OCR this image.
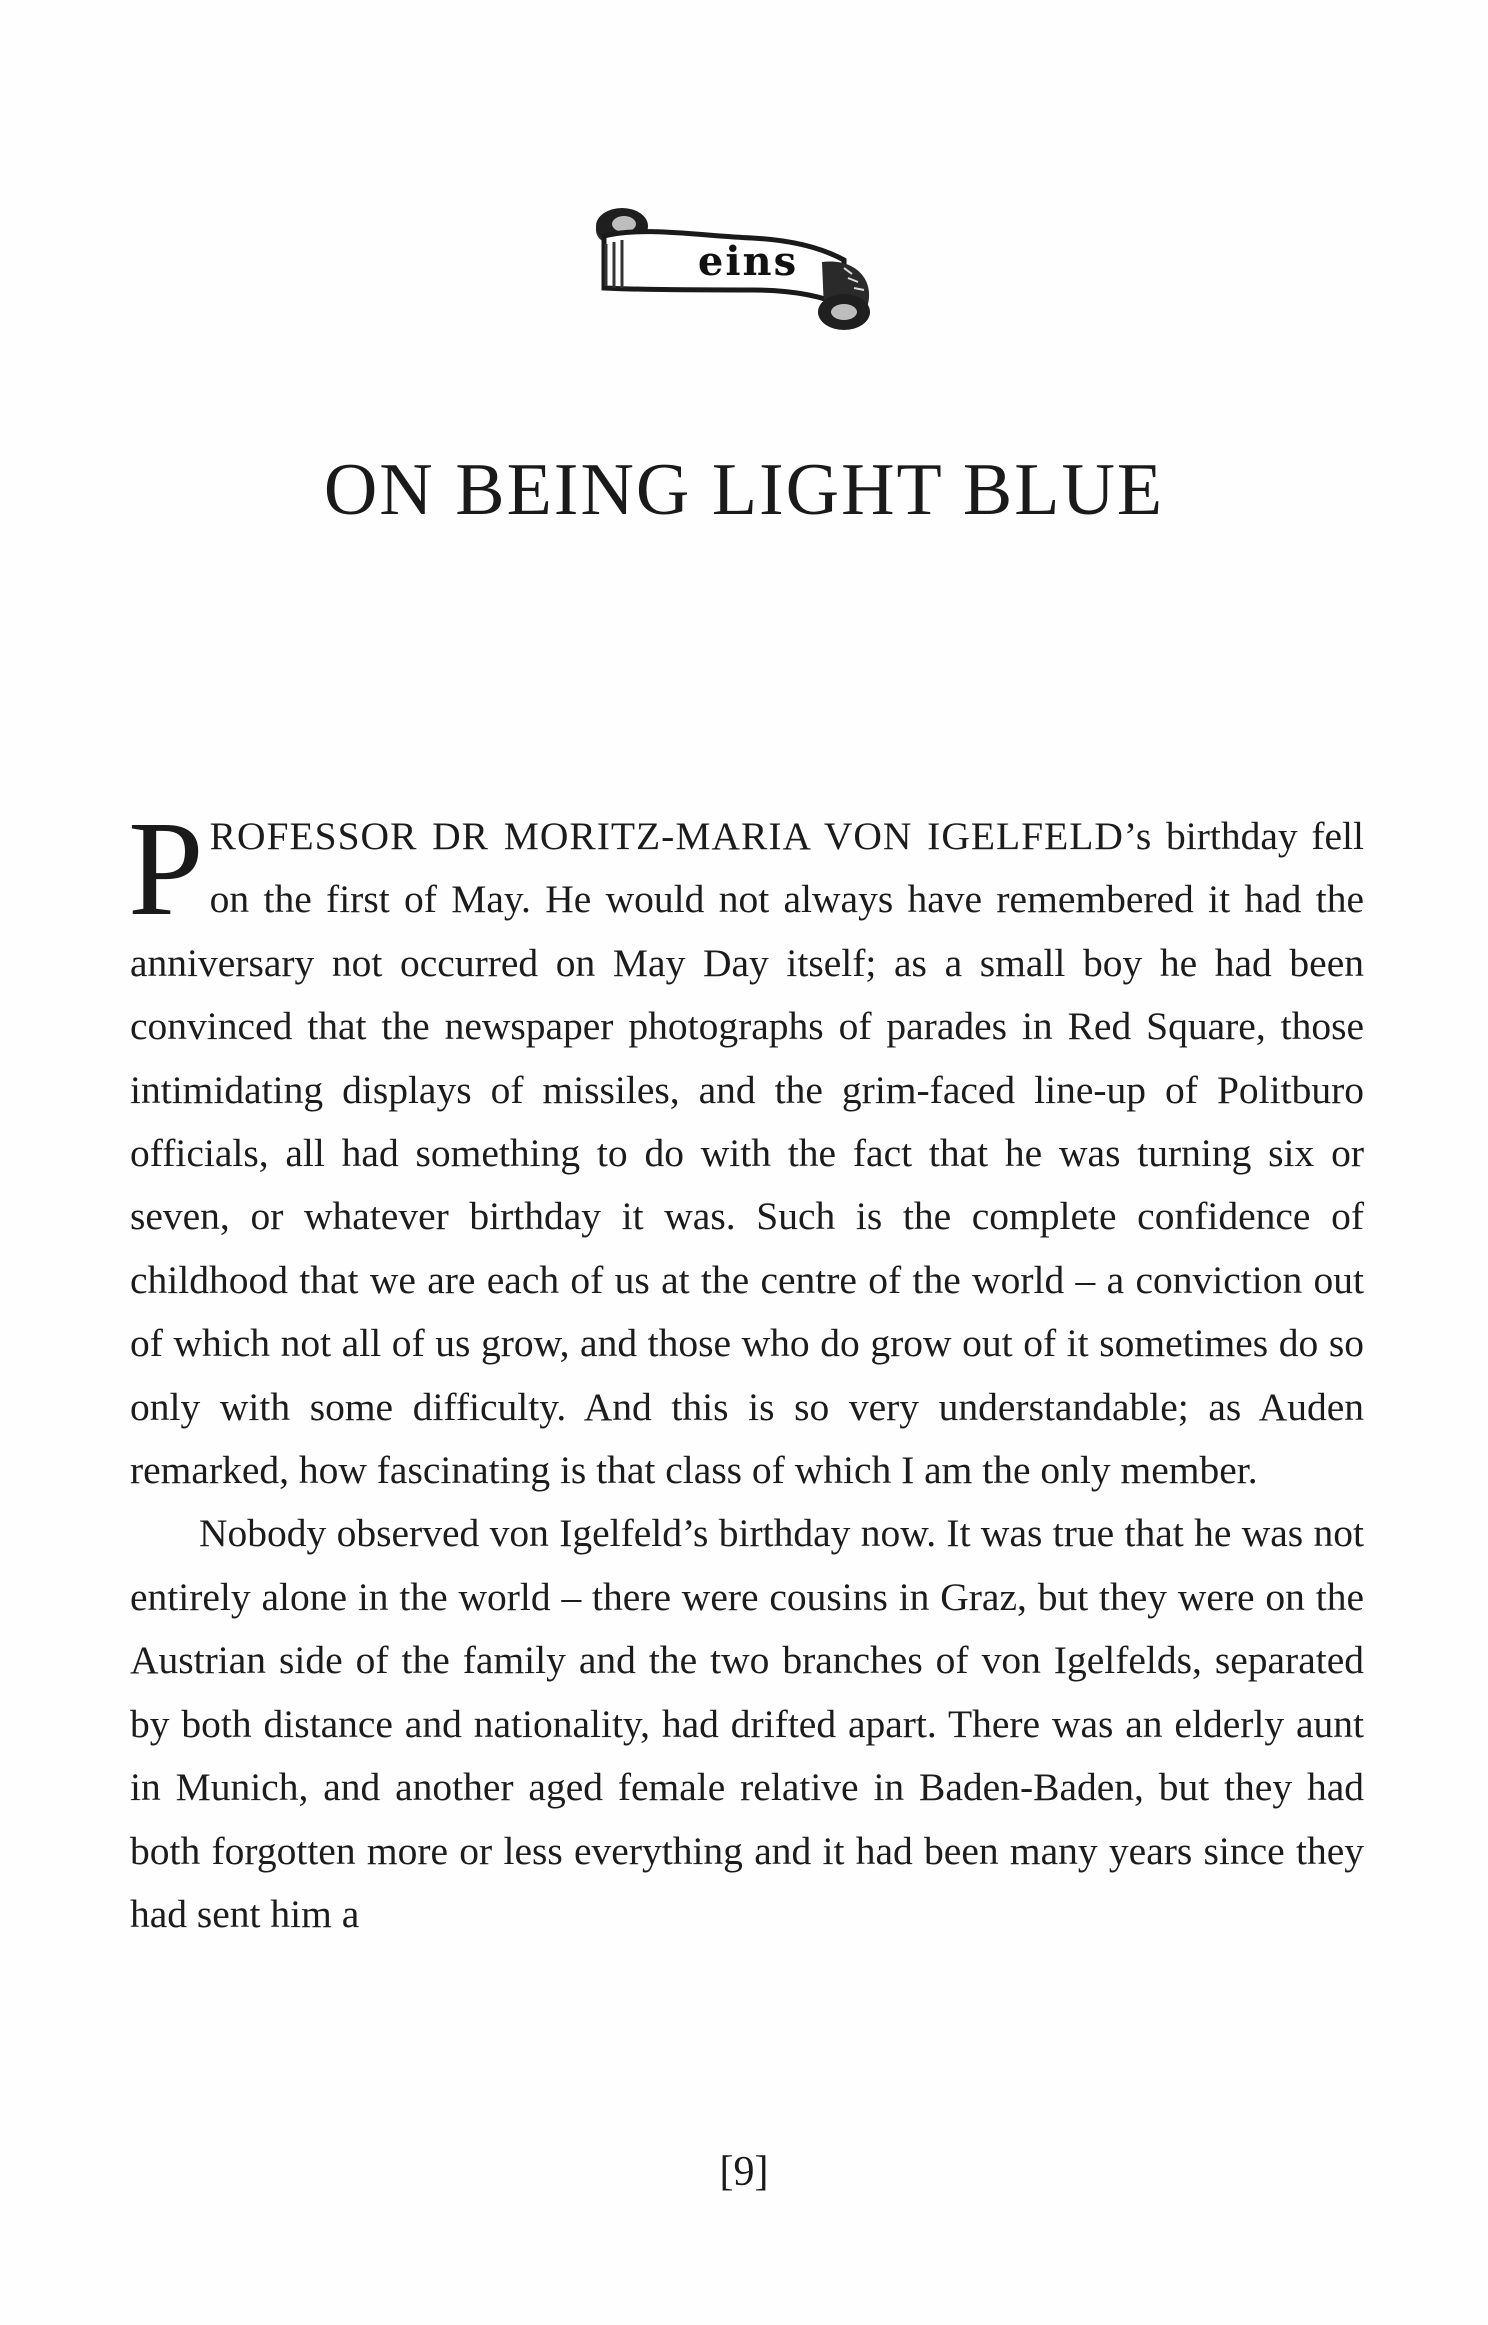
eins
ON BEING LIGHT BLUE

PROFESSOR DR MORITZ-MARIA VON IGELFELD’s birthday fell on the first of May. He would not always have remembered it had the anniversary not occurred on May Day itself; as a small boy he had been convinced that the newspaper photographs of parades in Red Square, those intimidating displays of missiles, and the grim-faced line-up of Politburo officials, all had something to do with the fact that he was turning six or seven, or whatever birthday it was. Such is the complete confidence of childhood that we are each of us at the centre of the world – a conviction out of which not all of us grow, and those who do grow out of it sometimes do so only with some difficulty. And this is so very understandable; as Auden remarked, how fascinating is that class of which I am the only member.

Nobody observed von Igelfeld’s birthday now. It was true that he was not entirely alone in the world – there were cousins in Graz, but they were on the Austrian side of the family and the two branches of von Igelfelds, separated by both distance and nationality, had drifted apart. There was an elderly aunt in Munich, and another aged female relative in Baden-Baden, but they had both forgotten more or less everything and it had been many years since they had sent him a

[9]
